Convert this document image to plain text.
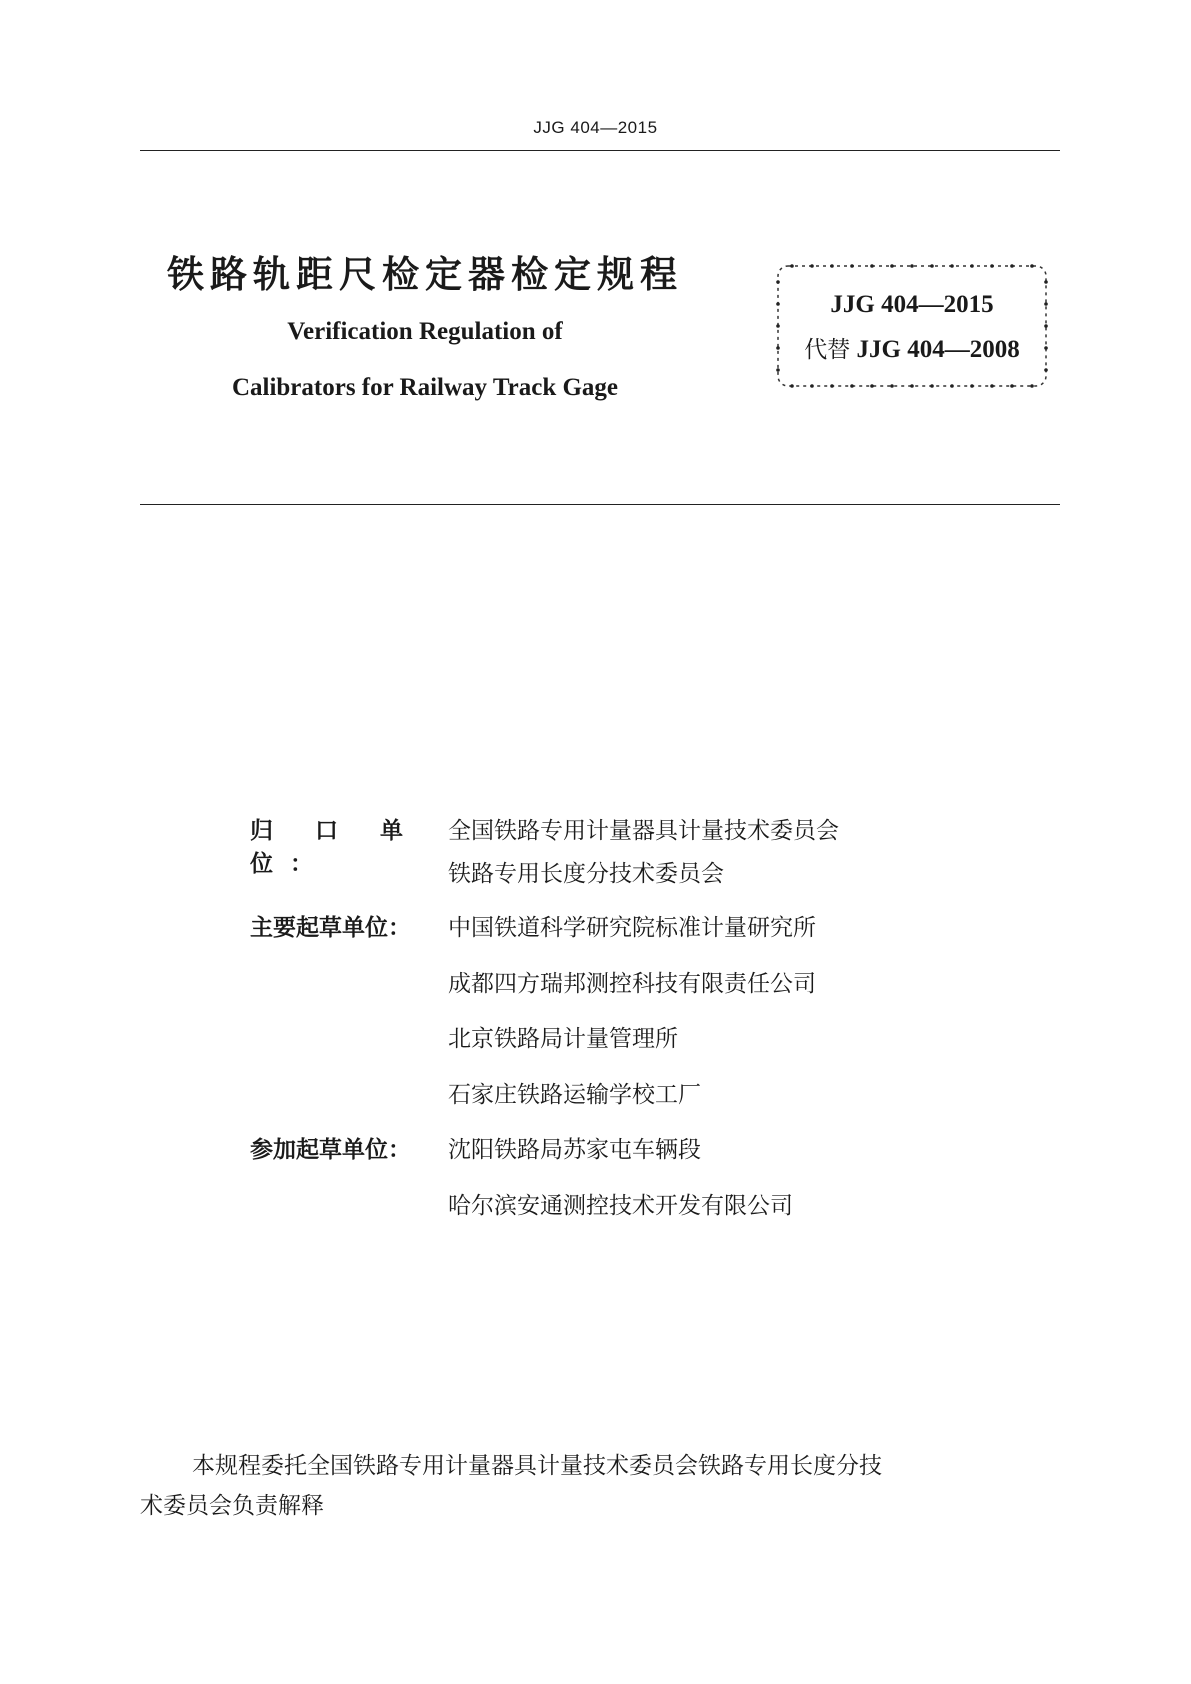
JJG 404—2015
铁路轨距尺检定器检定规程
Verification Regulation of
Calibrators for Railway Track Gage
JJG 404—2015
代替 JJG 404—2008
归 口 单 位：
全国铁路专用计量器具计量技术委员会
铁路专用长度分技术委员会
主要起草单位：	中国铁道科学研究院标准计量研究所
成都四方瑞邦测控科技有限责任公司
北京铁路局计量管理所
石家庄铁路运输学校工厂
参加起草单位：	沈阳铁路局苏家屯车辆段
哈尔滨安通测控技术开发有限公司
本规程委托全国铁路专用计量器具计量技术委员会铁路专用长度分技
术委员会负责解释
